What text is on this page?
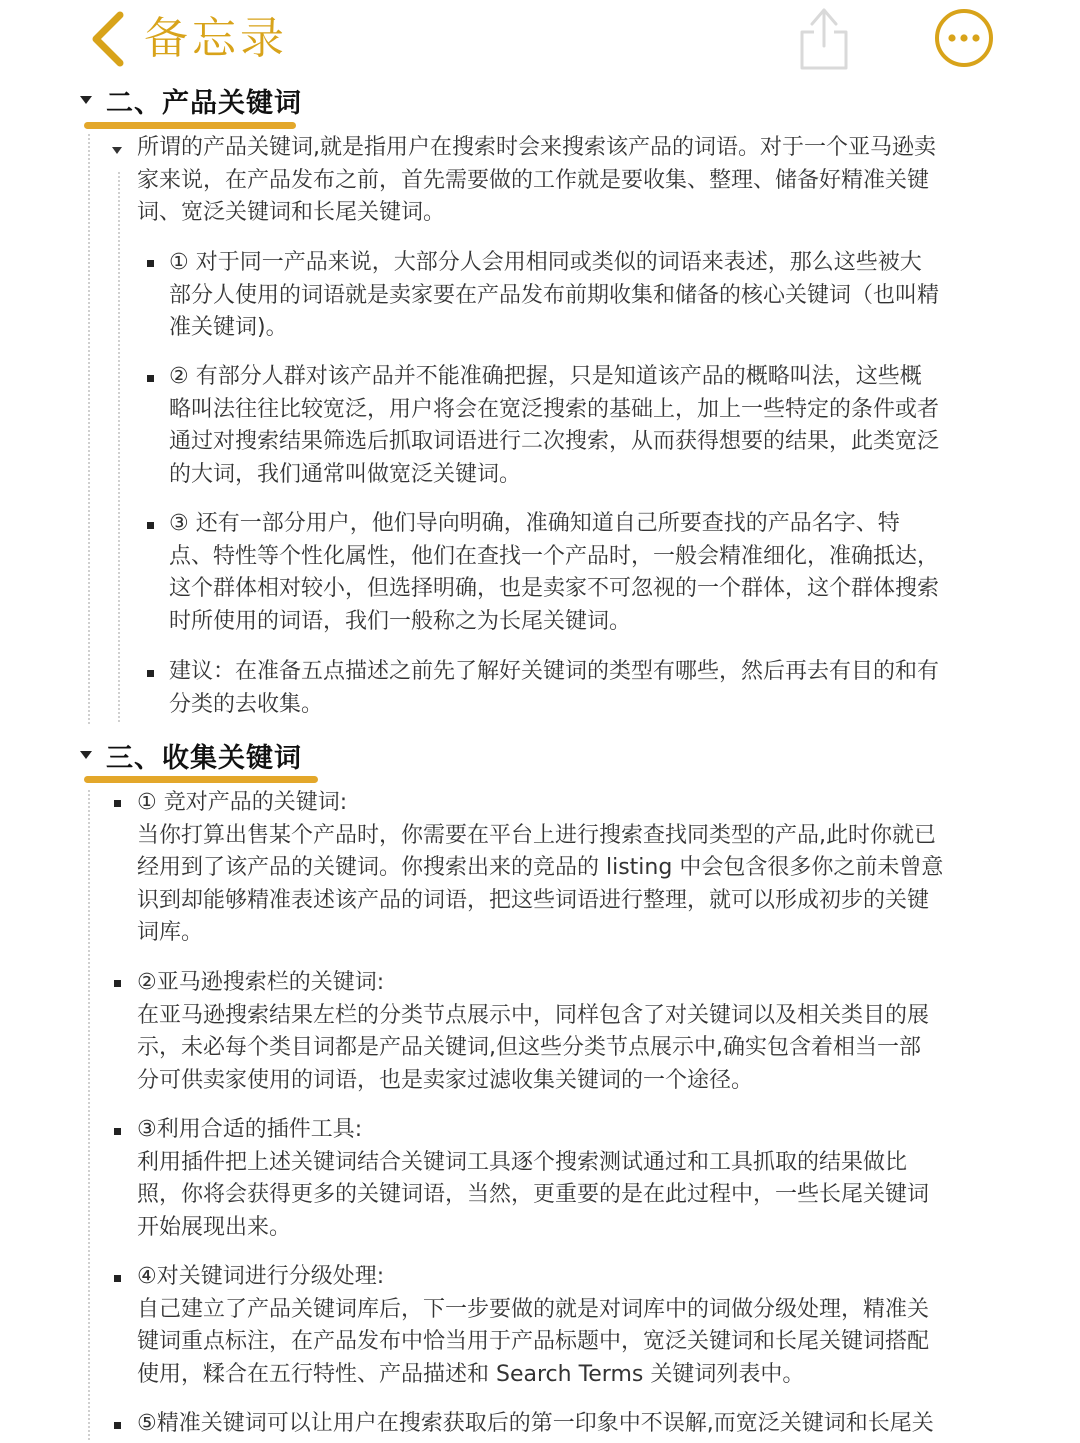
备忘录
二、产品关键词
所谓的产品关键词,就是指用户在搜索时会来搜索该产品的词语。对于一个亚马逊卖
家来说，在产品发布之前，首先需要做的工作就是要收集、整理、储备好精准关键
词、宽泛关键词和长尾关键词。
① 对于同一产品来说，大部分人会用相同或类似的词语来表述，那么这些被大
部分人使用的词语就是卖家要在产品发布前期收集和储备的核心关键词（也叫精
准关键词)。
② 有部分人群对该产品并不能准确把握，只是知道该产品的概略叫法，这些概
略叫法往往比较宽泛，用户将会在宽泛搜索的基础上，加上一些特定的条件或者
通过对搜索结果筛选后抓取词语进行二次搜索，从而获得想要的结果，此类宽泛
的大词，我们通常叫做宽泛关键词。
③ 还有一部分用户，他们导向明确，准确知道自己所要查找的产品名字、特
点、特性等个性化属性，他们在查找一个产品时，一般会精准细化，准确抵达，
这个群体相对较小，但选择明确，也是卖家不可忽视的一个群体，这个群体搜索
时所使用的词语，我们一般称之为长尾关键词。
建议：在准备五点描述之前先了解好关键词的类型有哪些，然后再去有目的和有
分类的去收集。
三、收集关键词
① 竞对产品的关键词:
当你打算出售某个产品时，你需要在平台上进行搜索查找同类型的产品,此时你就已
经用到了该产品的关键词。你搜索出来的竞品的 listing 中会包含很多你之前未曾意
识到却能够精准表述该产品的词语，把这些词语进行整理，就可以形成初步的关键
词库。
②亚马逊搜索栏的关键词:
在亚马逊搜索结果左栏的分类节点展示中，同样包含了对关键词以及相关类目的展
示，未必每个类目词都是产品关键词,但这些分类节点展示中,确实包含着相当一部
分可供卖家使用的词语，也是卖家过滤收集关键词的一个途径。
③利用合适的插件工具:
利用插件把上述关键词结合关键词工具逐个搜索测试通过和工具抓取的结果做比
照，你将会获得更多的关键词语，当然，更重要的是在此过程中，一些长尾关键词
开始展现出来。
④对关键词进行分级处理:
自己建立了产品关键词库后，下一步要做的就是对词库中的词做分级处理，精准关
键词重点标注，在产品发布中恰当用于产品标题中，宽泛关键词和长尾关键词搭配
使用，糅合在五行特性、产品描述和 Search Terms 关键词列表中。
⑤精准关键词可以让用户在搜索获取后的第一印象中不误解,而宽泛关键词和长尾关
